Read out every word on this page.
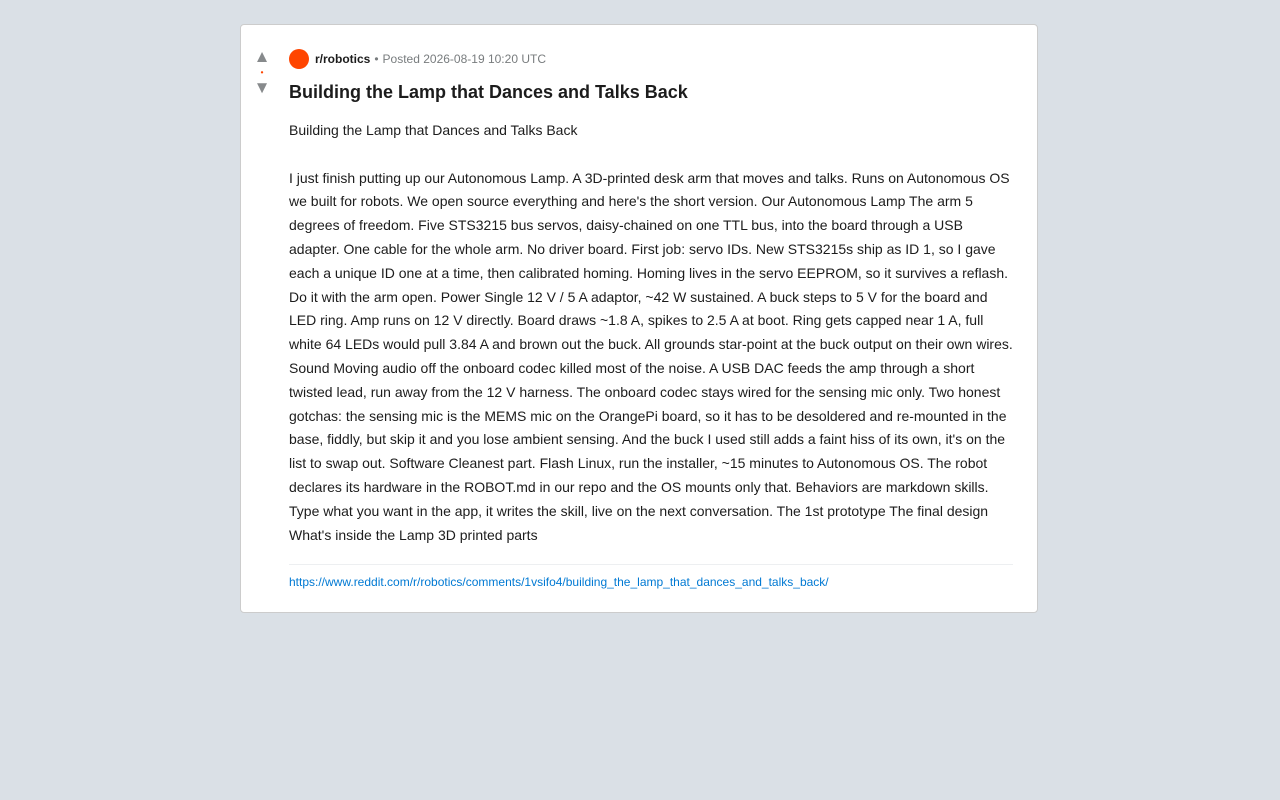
▲
•
▼
r/robotics • Posted 2026-08-19 10:20 UTC
Building the Lamp that Dances and Talks Back

Building the Lamp that Dances and Talks Back

I just finish putting up our Autonomous Lamp. A 3D-printed desk arm that moves and talks. Runs on Autonomous OS we built for robots. We open source everything and here's the short version. Our Autonomous Lamp The arm 5 degrees of freedom. Five STS3215 bus servos, daisy-chained on one TTL bus, into the board through a USB adapter. One cable for the whole arm. No driver board. First job: servo IDs. New STS3215s ship as ID 1, so I gave each a unique ID one at a time, then calibrated homing. Homing lives in the servo EEPROM, so it survives a reflash. Do it with the arm open. Power Single 12 V / 5 A adaptor, ~42 W sustained. A buck steps to 5 V for the board and LED ring. Amp runs on 12 V directly. Board draws ~1.8 A, spikes to 2.5 A at boot. Ring gets capped near 1 A, full white 64 LEDs would pull 3.84 A and brown out the buck. All grounds star-point at the buck output on their own wires. Sound Moving audio off the onboard codec killed most of the noise. A USB DAC feeds the amp through a short twisted lead, run away from the 12 V harness. The onboard codec stays wired for the sensing mic only. Two honest gotchas: the sensing mic is the MEMS mic on the OrangePi board, so it has to be desoldered and re-mounted in the base, fiddly, but skip it and you lose ambient sensing. And the buck I used still adds a faint hiss of its own, it's on the list to swap out. Software Cleanest part. Flash Linux, run the installer, ~15 minutes to Autonomous OS. The robot declares its hardware in the ROBOT.md in our repo and the OS mounts only that. Behaviors are markdown skills. Type what you want in the app, it writes the skill, live on the next conversation. The 1st prototype The final design What's inside the Lamp 3D printed parts

https://www.reddit.com/r/robotics/comments/1vsifo4/building_the_lamp_that_dances_and_talks_back/
